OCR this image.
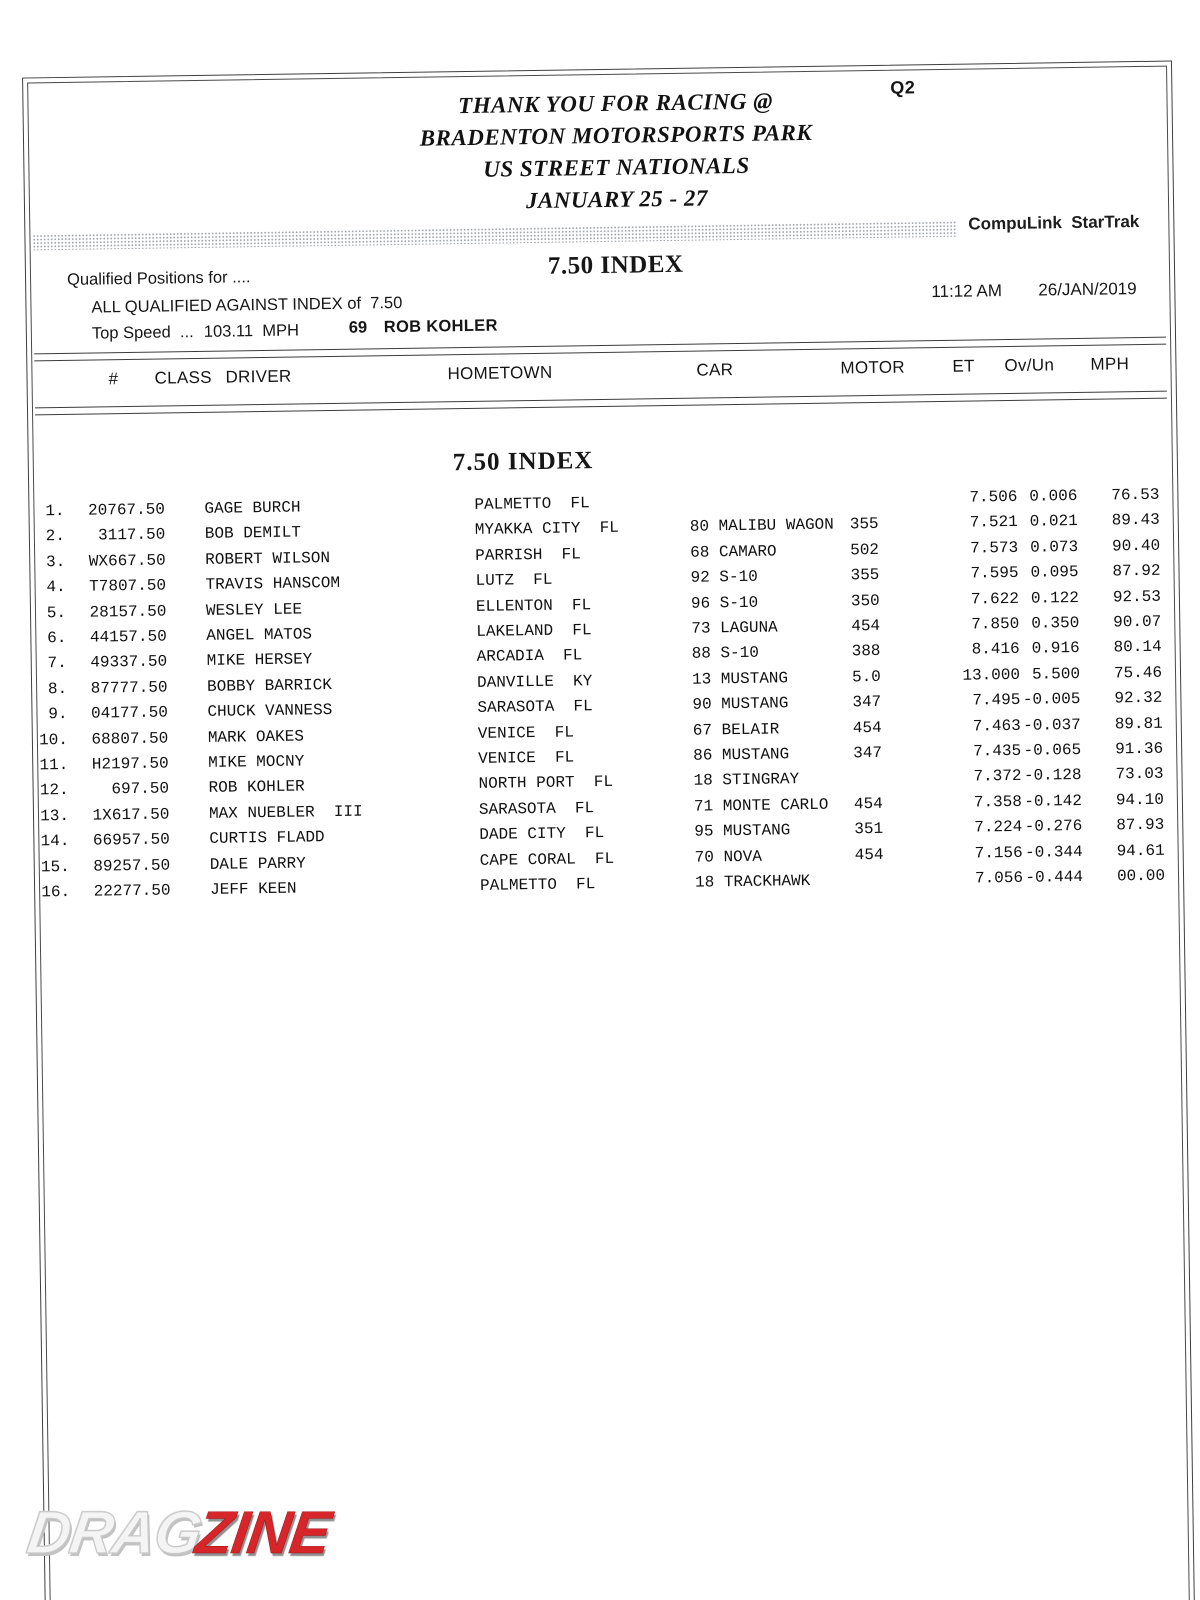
Q2
THANK YOU FOR RACING @
BRADENTON MOTORSPORTS PARK
US STREET NATIONALS
JANUARY 25 - 27
CompuLink  StarTrak
Qualified Positions for ....	7.50 INDEX
ALL QUALIFIED AGAINST INDEX of  7.50
11:12 AM 26/JAN/2019
Top Speed  ... 103.11  MPH	69 ROB KOHLER
# CLASS DRIVER	HOMETOWN	CAR	MOTOR	ET Ov/Un MPH
7.50 INDEX
1.	2076	7.50	GAGE BURCH	PALMETTO  FL			7.506	0.006	76.53
2.	311	7.50	BOB DEMILT	MYAKKA CITY  FL	80 MALIBU WAGON	355	7.521	0.021	89.43
3.	WX66	7.50	ROBERT WILSON	PARRISH  FL	68 CAMARO	502	7.573	0.073	90.40
4.	T780	7.50	TRAVIS HANSCOM	LUTZ  FL	92 S-10	355	7.595	0.095	87.92
5.	2815	7.50	WESLEY LEE	ELLENTON  FL	96 S-10	350	7.622	0.122	92.53
6.	4415	7.50	ANGEL MATOS	LAKELAND  FL	73 LAGUNA	454	7.850	0.350	90.07
7.	4933	7.50	MIKE HERSEY	ARCADIA  FL	88 S-10	388	8.416	0.916	80.14
8.	8777	7.50	BOBBY BARRICK	DANVILLE  KY	13 MUSTANG	5.0	13.000	5.500	75.46
9.	0417	7.50	CHUCK VANNESS	SARASOTA  FL	90 MUSTANG	347	7.495	-0.005	92.32
10.	6880	7.50	MARK OAKES	VENICE  FL	67 BELAIR	454	7.463	-0.037	89.81
11.	H219	7.50	MIKE MOCNY	VENICE  FL	86 MUSTANG	347	7.435	-0.065	91.36
12.	69	7.50	ROB KOHLER	NORTH PORT  FL	18 STINGRAY		7.372	-0.128	73.03
13.	1X61	7.50	MAX NUEBLER  III	SARASOTA  FL	71 MONTE CARLO	454	7.358	-0.142	94.10
14.	6695	7.50	CURTIS FLADD	DADE CITY  FL	95 MUSTANG	351	7.224	-0.276	87.93
15.	8925	7.50	DALE PARRY	CAPE CORAL  FL	70 NOVA	454	7.156	-0.344	94.61
16.	2227	7.50	JEFF KEEN	PALMETTO  FL	18 TRACKHAWK		7.056	-0.444	00.00
DRAGZINE
